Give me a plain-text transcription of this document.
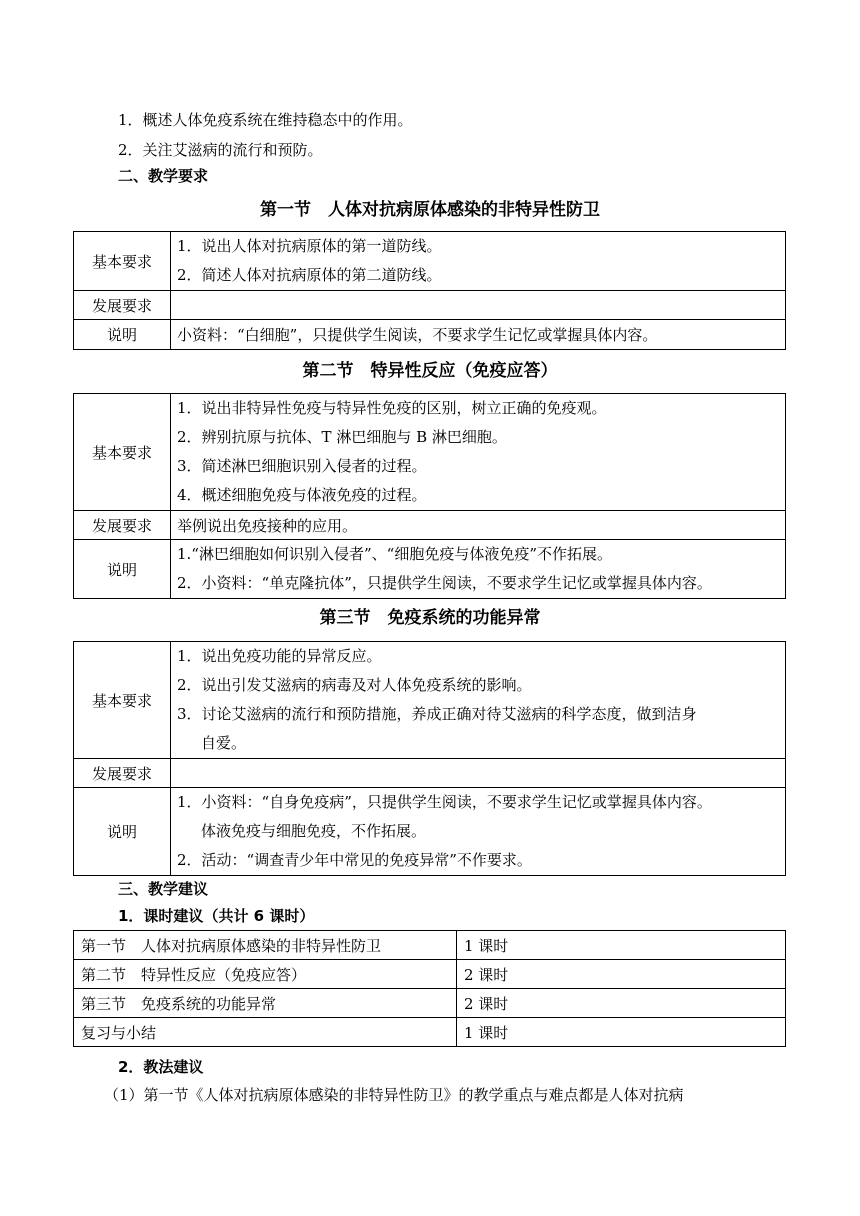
1．概述人体免疫系统在维持稳态中的作用。
2．关注艾滋病的流行和预防。
二、教学要求
第一节　人体对抗病原体感染的非特异性防卫
基本要求	1．说出人体对抗病原体的第一道防线。
2．简述人体对抗病原体的第二道防线。

发展要求	

说明	小资料：“白细胞”，只提供学生阅读，不要求学生记忆或掌握具体内容。
第二节　特异性反应（免疫应答）
基本要求	1．说出非特异性免疫与特异性免疫的区别，树立正确的免疫观。
2．辨别抗原与抗体、T 淋巴细胞与 B 淋巴细胞。
3．简述淋巴细胞识别入侵者的过程。
4．概述细胞免疫与体液免疫的过程。

发展要求	举例说出免疫接种的应用。

说明	1.“淋巴细胞如何识别入侵者”、“细胞免疫与体液免疫”不作拓展。
2．小资料：“单克隆抗体”，只提供学生阅读，不要求学生记忆或掌握具体内容。
第三节　免疫系统的功能异常
基本要求	1．说出免疫功能的异常反应。
2．说出引发艾滋病的病毒及对人体免疫系统的影响。
3．讨论艾滋病的流行和预防措施，养成正确对待艾滋病的科学态度，做到洁身
自爱。

发展要求	

说明	1．小资料：“自身免疫病”，只提供学生阅读，不要求学生记忆或掌握具体内容。
体液免疫与细胞免疫，不作拓展。
2．活动：“调查青少年中常见的免疫异常”不作要求。
三、教学建议
1．课时建议（共计 6 课时）
第一节　人体对抗病原体感染的非特异性防卫	1 课时
第二节　特异性反应（免疫应答）	2 课时
第三节　免疫系统的功能异常	2 课时
复习与小结	1 课时
2．教法建议
（1）第一节《人体对抗病原体感染的非特异性防卫》的教学重点与难点都是人体对抗病
